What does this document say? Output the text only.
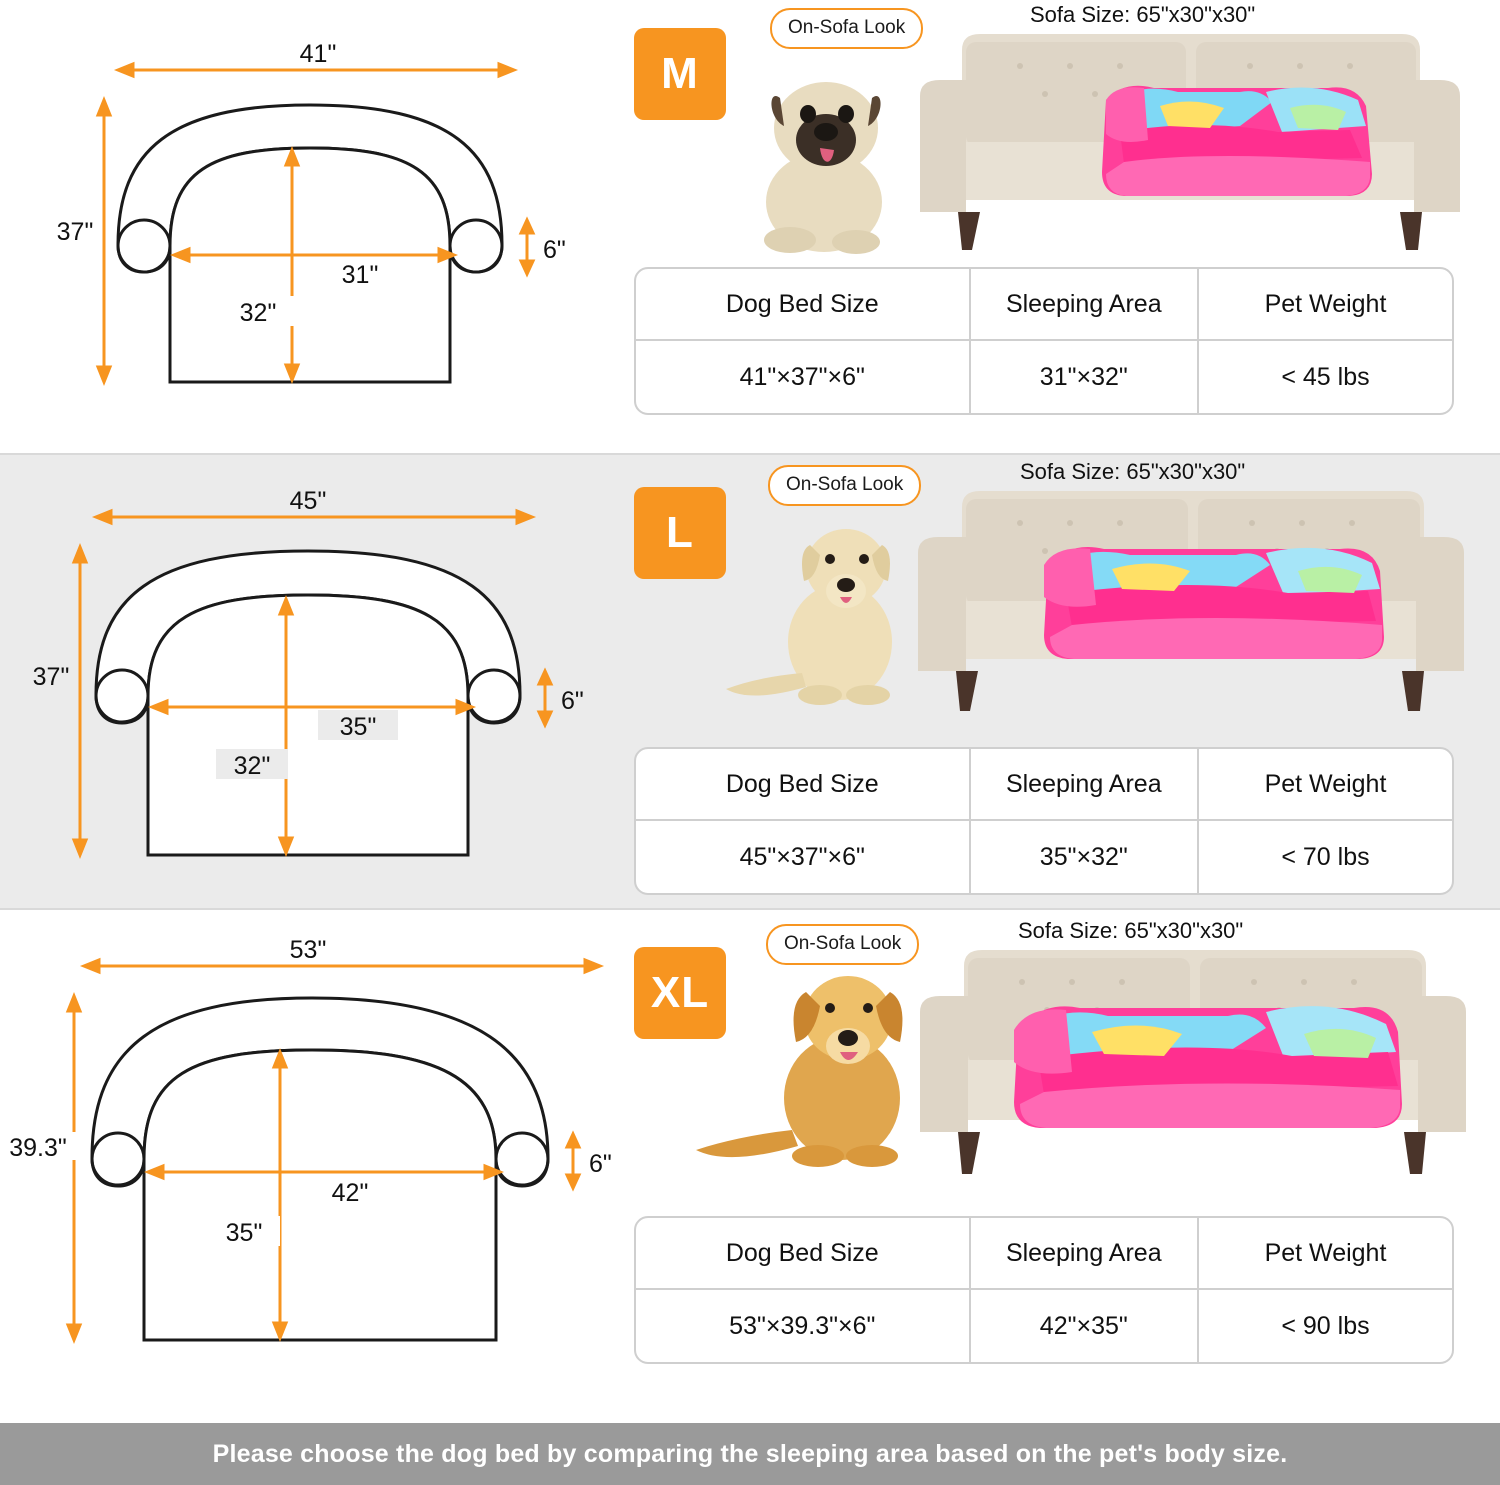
41"
37"
31"
32"
6"
M
On-Sofa Look
Sofa Size: 65"x30"x30"
Dog Bed Size	Sleeping Area	Pet Weight
41"×37"×6"	31"×32"	< 45 lbs
45"
37"
35"
32"
6"
L
On-Sofa Look
Sofa Size: 65"x30"x30"
Dog Bed Size	Sleeping Area	Pet Weight
45"×37"×6"	35"×32"	< 70 lbs
53"
39.3"
42"
35"
6"
XL
On-Sofa Look
Sofa Size: 65"x30"x30"
Dog Bed Size	Sleeping Area	Pet Weight
53"×39.3"×6"	42"×35"	< 90 lbs
Please choose the dog bed by comparing the sleeping area based on the pet's body size.
